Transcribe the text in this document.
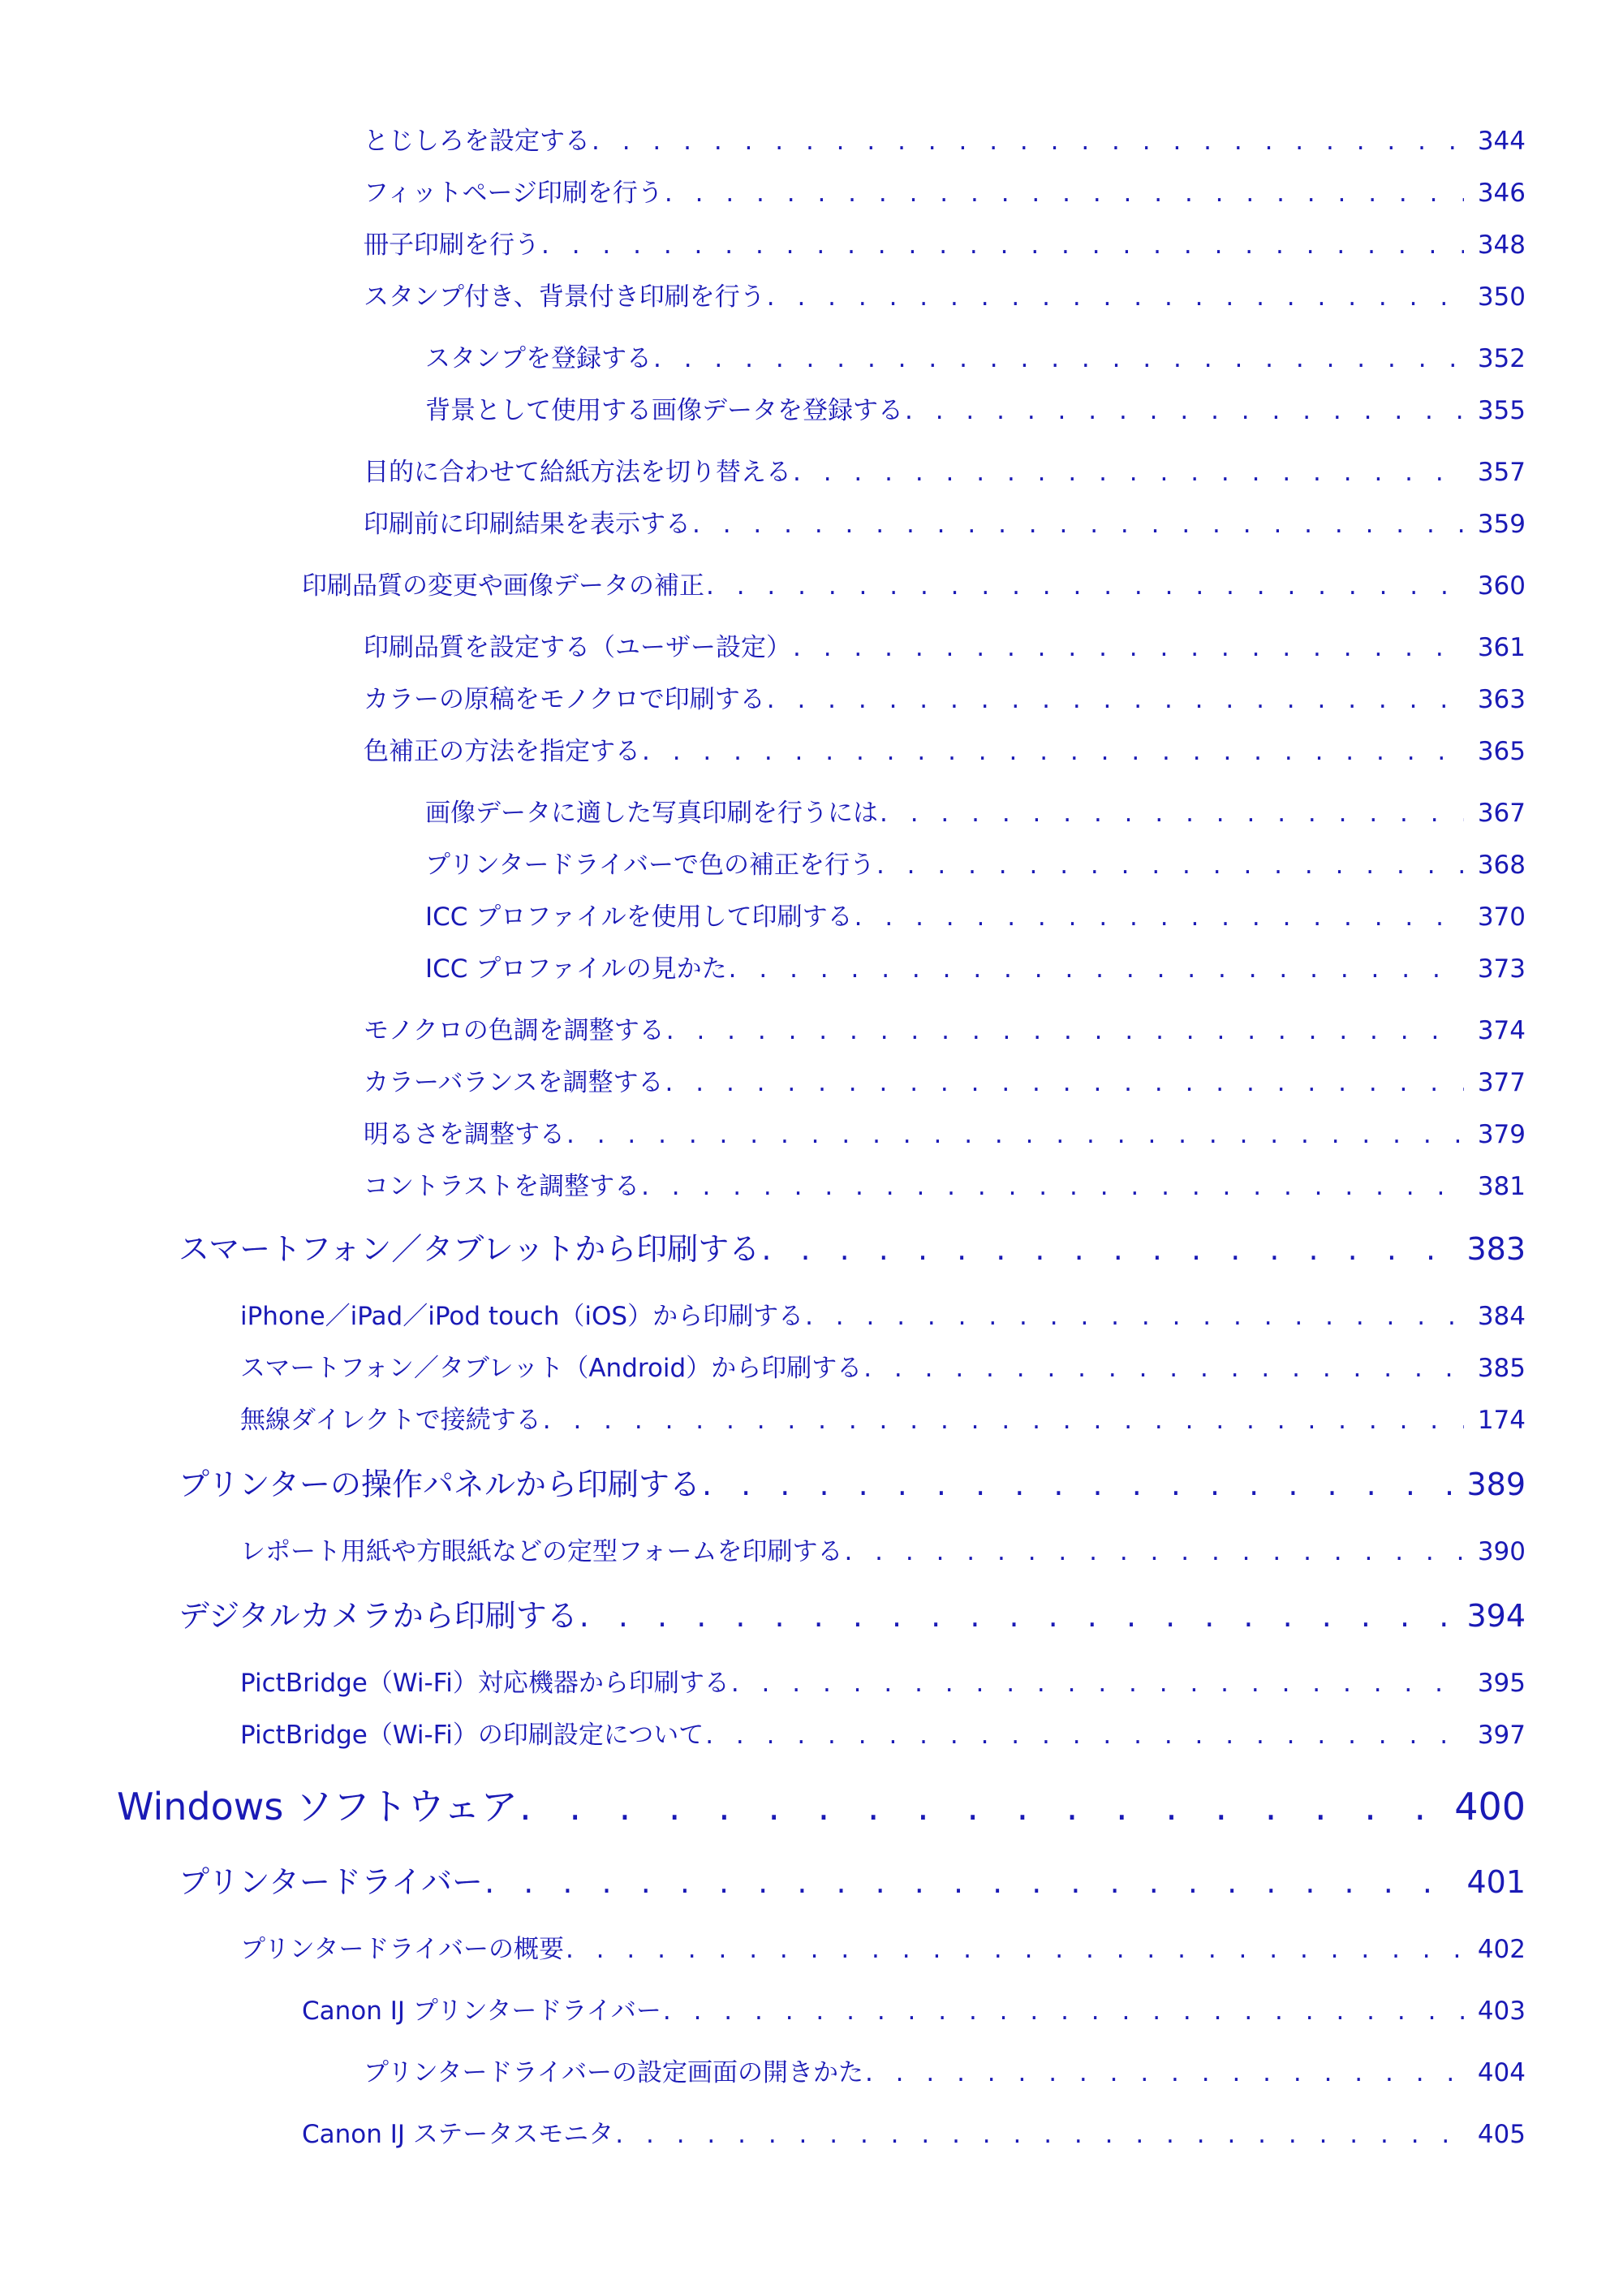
とじしろを設定する . . .	344
フィットページ印刷を行う . . .	346
冊子印刷を行う . . .	348
スタンプ付き、背景付き印刷を行う . . .	350
スタンプを登録する . . .	352
背景として使用する画像データを登録する . . .	355
目的に合わせて給紙方法を切り替える . . .	357
印刷前に印刷結果を表示する . . .	359
印刷品質の変更や画像データの補正 . . .	360
印刷品質を設定する（ユーザー設定） . . .	361
カラーの原稿をモノクロで印刷する . . .	363
色補正の方法を指定する . . .	365
画像データに適した写真印刷を行うには . . .	367
プリンタードライバーで色の補正を行う . . .	368
ICC プロファイルを使用して印刷する . . .	370
ICC プロファイルの見かた . . .	373
モノクロの色調を調整する . . .	374
カラーバランスを調整する . . .	377
明るさを調整する . . .	379
コントラストを調整する . . .	381
スマートフォン／タブレットから印刷する . . .	383
iPhone／iPad／iPod touch（iOS）から印刷する . . .	384
スマートフォン／タブレット（Android）から印刷する . . .	385
無線ダイレクトで接続する . . .	174
プリンターの操作パネルから印刷する . . .	389
レポート用紙や方眼紙などの定型フォームを印刷する . . .	390
デジタルカメラから印刷する . . .	394
PictBridge（Wi-Fi）対応機器から印刷する . . .	395
PictBridge（Wi-Fi）の印刷設定について . . .	397
Windows ソフトウェア . . .	400
プリンタードライバー . . .	401
プリンタードライバーの概要 . . .	402
Canon IJ プリンタードライバー . . .	403
プリンタードライバーの設定画面の開きかた . . .	404
Canon IJ ステータスモニタ . . .	405
